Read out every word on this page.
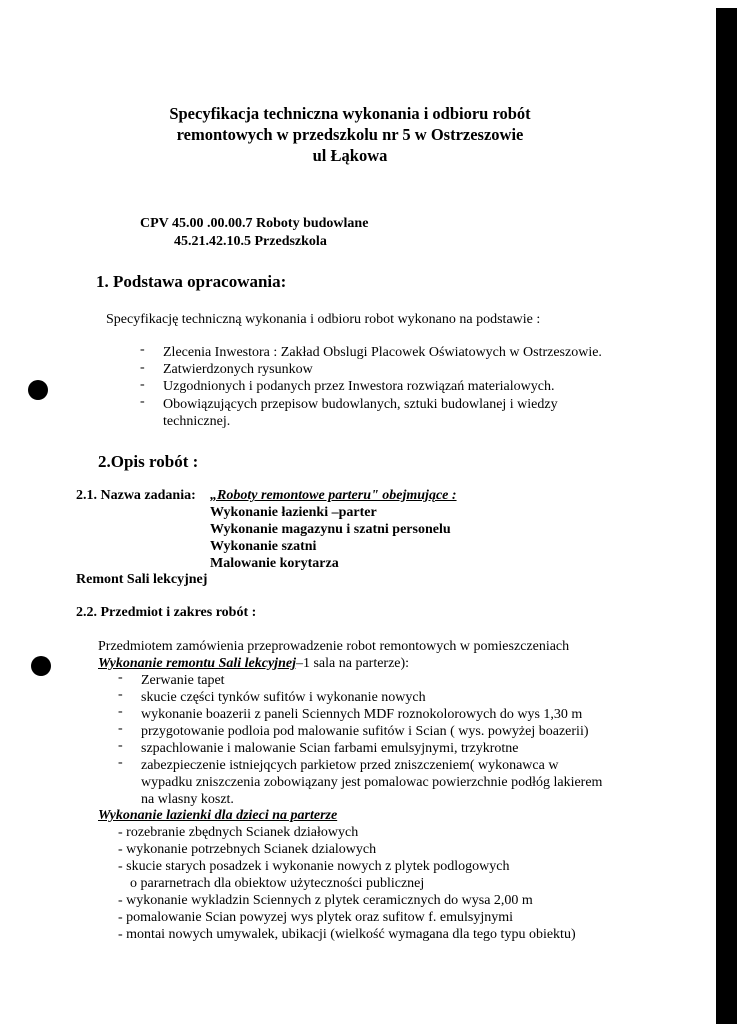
Specyfikacja techniczna wykonania i odbioru robót
remontowych w przedszkolu nr 5 w Ostrzeszowie
ul Łąkowa
CPV 45.00 .00.00.7 Roboty budowlane
45.21.42.10.5 Przedszkola
1. Podstawa opracowania:
Specyfikację techniczną wykonania i odbioru robot wykonano na podstawie :
- Zlecenia Inwestora : Zakład Obslugi Placowek Oświatowych w Ostrzeszowie.
- Zatwierdzonych rysunkow
- Uzgodnionych i podanych przez Inwestora rozwiązań materialowych.
- Obowiązujących przepisow budowlanych, sztuki budowlanej i wiedzy
technicznej.
2.Opis robót :
2.1. Nazwa zadania: „Roboty remontowe parteru" obejmujące :
Wykonanie łazienki –parter
Wykonanie magazynu i szatni personelu
Wykonanie szatni
Malowanie korytarza
Remont Sali lekcyjnej
2.2. Przedmiot i zakres robót :
Przedmiotem zamówienia przeprowadzenie robot remontowych w pomieszczeniach
Wykonanie remontu Sali lekcyjnej–1 sala na parterze):
- Zerwanie tapet
- skucie części tynków sufitów i wykonanie nowych
- wykonanie boazerii z paneli Sciennych MDF roznokolorowych do wys 1,30 m
- przygotowanie podloia pod malowanie sufitów i Scian ( wys. powyżej boazerii)
- szpachlowanie i malowanie Scian farbami emulsyjnymi, trzykrotne
- zabezpieczenie istniejqcych parkietow przed zniszczeniem( wykonawca w
wypadku zniszczenia zobowiązany jest pomalowac powierzchnie podłóg lakierem
na wlasny koszt.
Wykonanie lazienki dla dzieci na parterze
- rozebranie zbędnych Scianek działowych
- wykonanie potrzebnych Scianek dzialowych
- skucie starych posadzek i wykonanie nowych z plytek podlogowych
o pararnetrach dla obiektow użyteczności publicznej
- wykonanie wykladzin Sciennych z plytek ceramicznych do wysa 2,00 m
- pomalowanie Scian powyzej wys plytek oraz sufitow f. emulsyjnymi
- montai nowych umywalek, ubikacji (wielkość wymagana dla tego typu obiektu)
